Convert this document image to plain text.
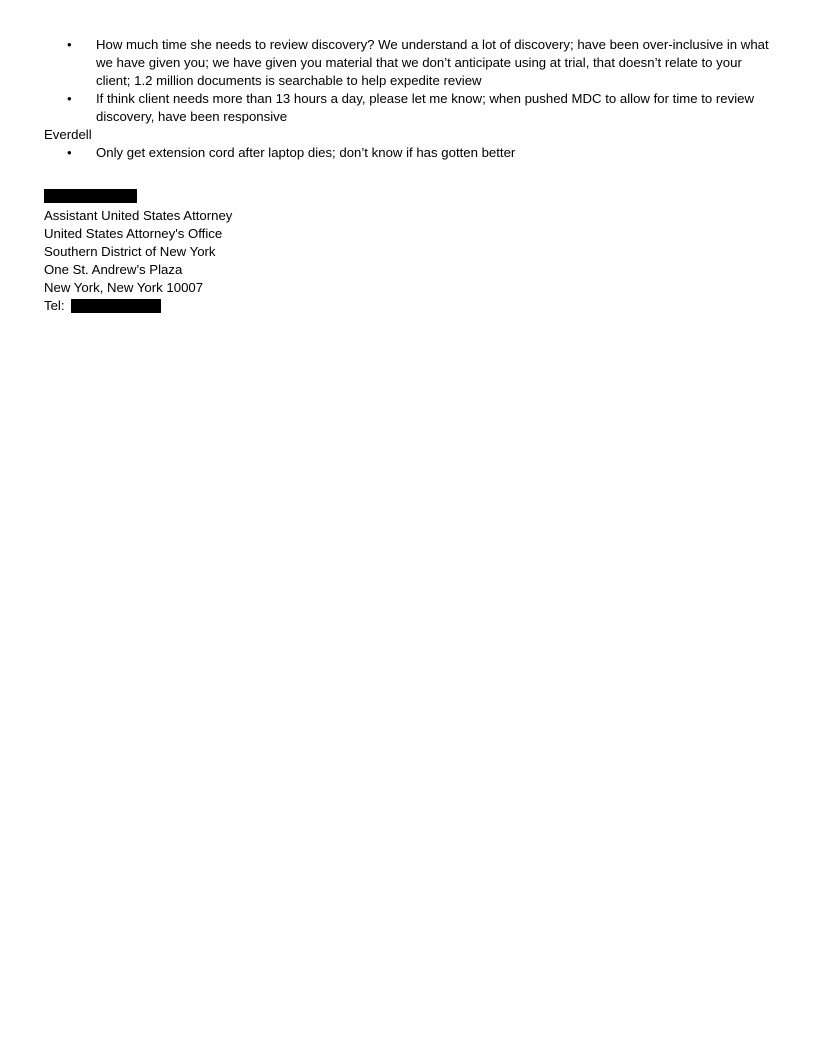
• How much time she needs to review discovery? We understand a lot of discovery; have been over-inclusive in what we have given you; we have given you material that we don’t anticipate using at trial, that doesn’t relate to your client; 1.2 million documents is searchable to help expedite review
• If think client needs more than 13 hours a day, please let me know; when pushed MDC to allow for time to review discovery, have been responsive
Everdell
• Only get extension cord after laptop dies; don’t know if has gotten better
Assistant United States Attorney
United States Attorney's Office
Southern District of New York
One St. Andrew’s Plaza
New York, New York 10007
Tel:
